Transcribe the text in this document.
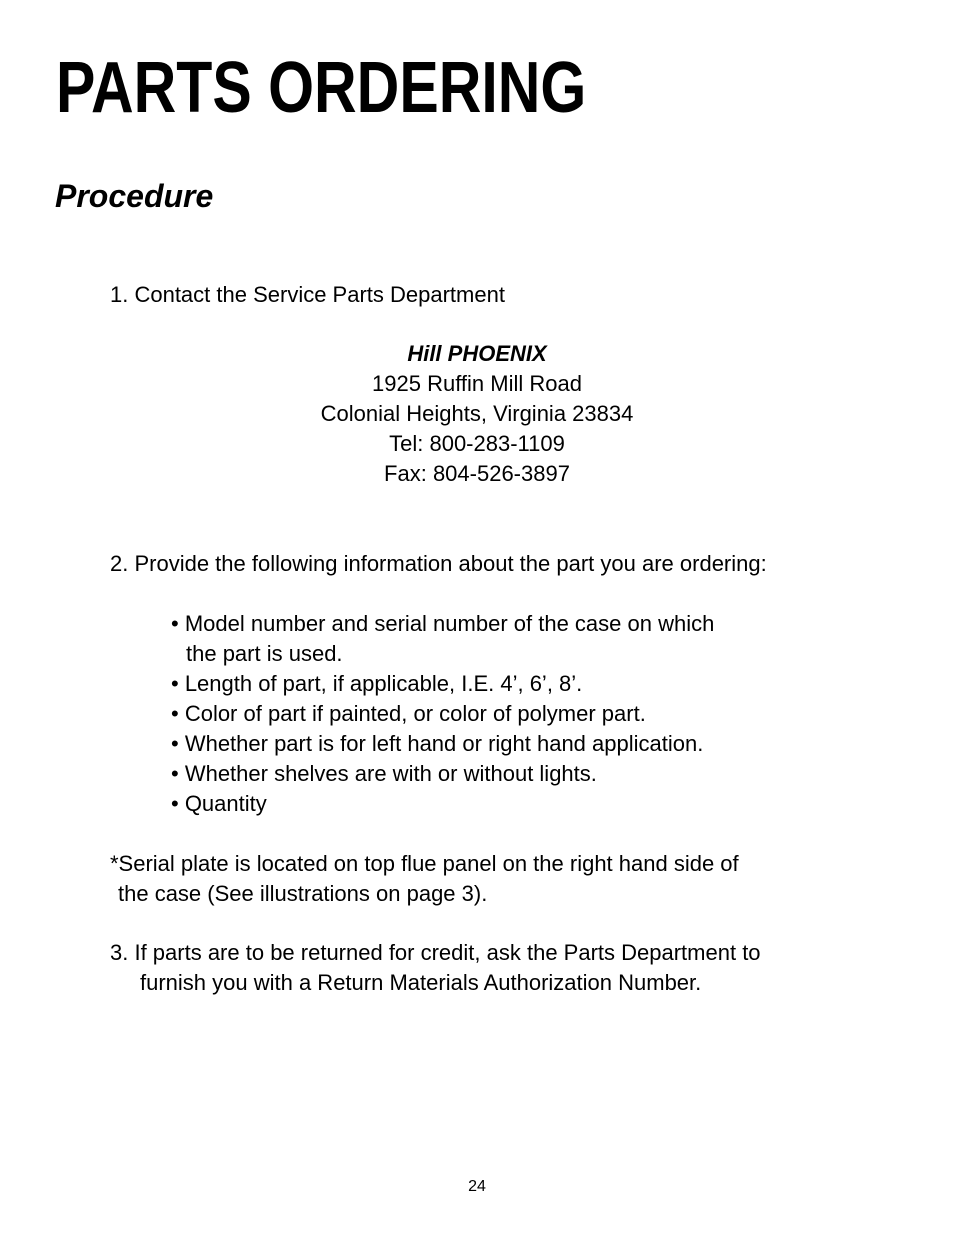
PARTS ORDERING
Procedure
1. Contact the Service Parts Department
Hill PHOENIX
1925 Ruffin Mill Road
Colonial Heights, Virginia 23834
Tel: 800-283-1109
Fax: 804-526-3897
2. Provide the following information about the part you are ordering:
• Model number and serial number of the case on which
the part is used.
• Length of part, if applicable, I.E. 4’, 6’, 8’.
• Color of part if painted, or color of polymer part.
• Whether part is for left hand or right hand application.
• Whether shelves are with or without lights.
• Quantity
*Serial plate is located on top flue panel on the right hand side of
the case (See illustrations on page 3).
3. If parts are to be returned for credit, ask the Parts Department to
furnish you with a Return Materials Authorization Number.
24
